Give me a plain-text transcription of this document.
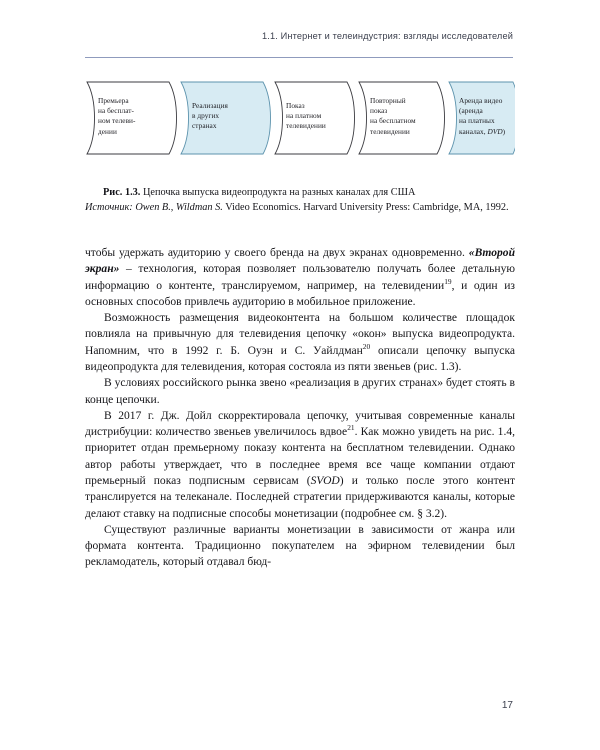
1.1. Интернет и телеиндустрия: взгляды исследователей
Премьера
на бесплат-
ном телеви-
дении
Реализация
в других
странах
Показ
на платном
телевидении
Повторный
показ
на бесплатном
телевидении
Аренда видео
(аренда
на платных
каналах, DVD)
Рис. 1.3. Цепочка выпуска видеопродукта на разных каналах для США
Источник: Owen B., Wildman S. Video Economics. Harvard University Press: Cambridge, MA, 1992.

чтобы удержать аудиторию у своего бренда на двух экранах одновременно. «Второй экран» – технология, которая позволяет пользователю получать более детальную информацию о контенте, транслируемом, например, на телевидении$^{19}$, и один из основных способов привлечь аудиторию в мобильное приложение.

Возможность размещения видеоконтента на большом количестве площадок повлияла на привычную для телевидения цепочку «окон» выпуска видеопродукта. Напомним, что в 1992 г. Б. Оуэн и С. Уайлдман$^{20}$ описали цепочку выпуска видеопродукта для телевидения, которая состояла из пяти звеньев (рис. 1.3).

В условиях российского рынка звено «реализация в других странах» будет стоять в конце цепочки.

В 2017 г. Дж. Дойл скорректировала цепочку, учитывая современные каналы дистрибуции: количество звеньев увеличилось вдвое$^{21}$. Как можно увидеть на рис. 1.4, приоритет отдан премьерному показу контента на бесплатном телевидении. Однако автор работы утверждает, что в последнее время все чаще компании отдают премьерный показ подписным сервисам (SVOD) и только после этого контент транслируется на телеканале. Последней стратегии придерживаются каналы, которые делают ставку на подписные способы монетизации (подробнее см. § 3.2).

Существуют различные варианты монетизации в зависимости от жанра или формата контента. Традиционно покупателем на эфирном телевидении был рекламодатель, который отдавал бюд-

17
